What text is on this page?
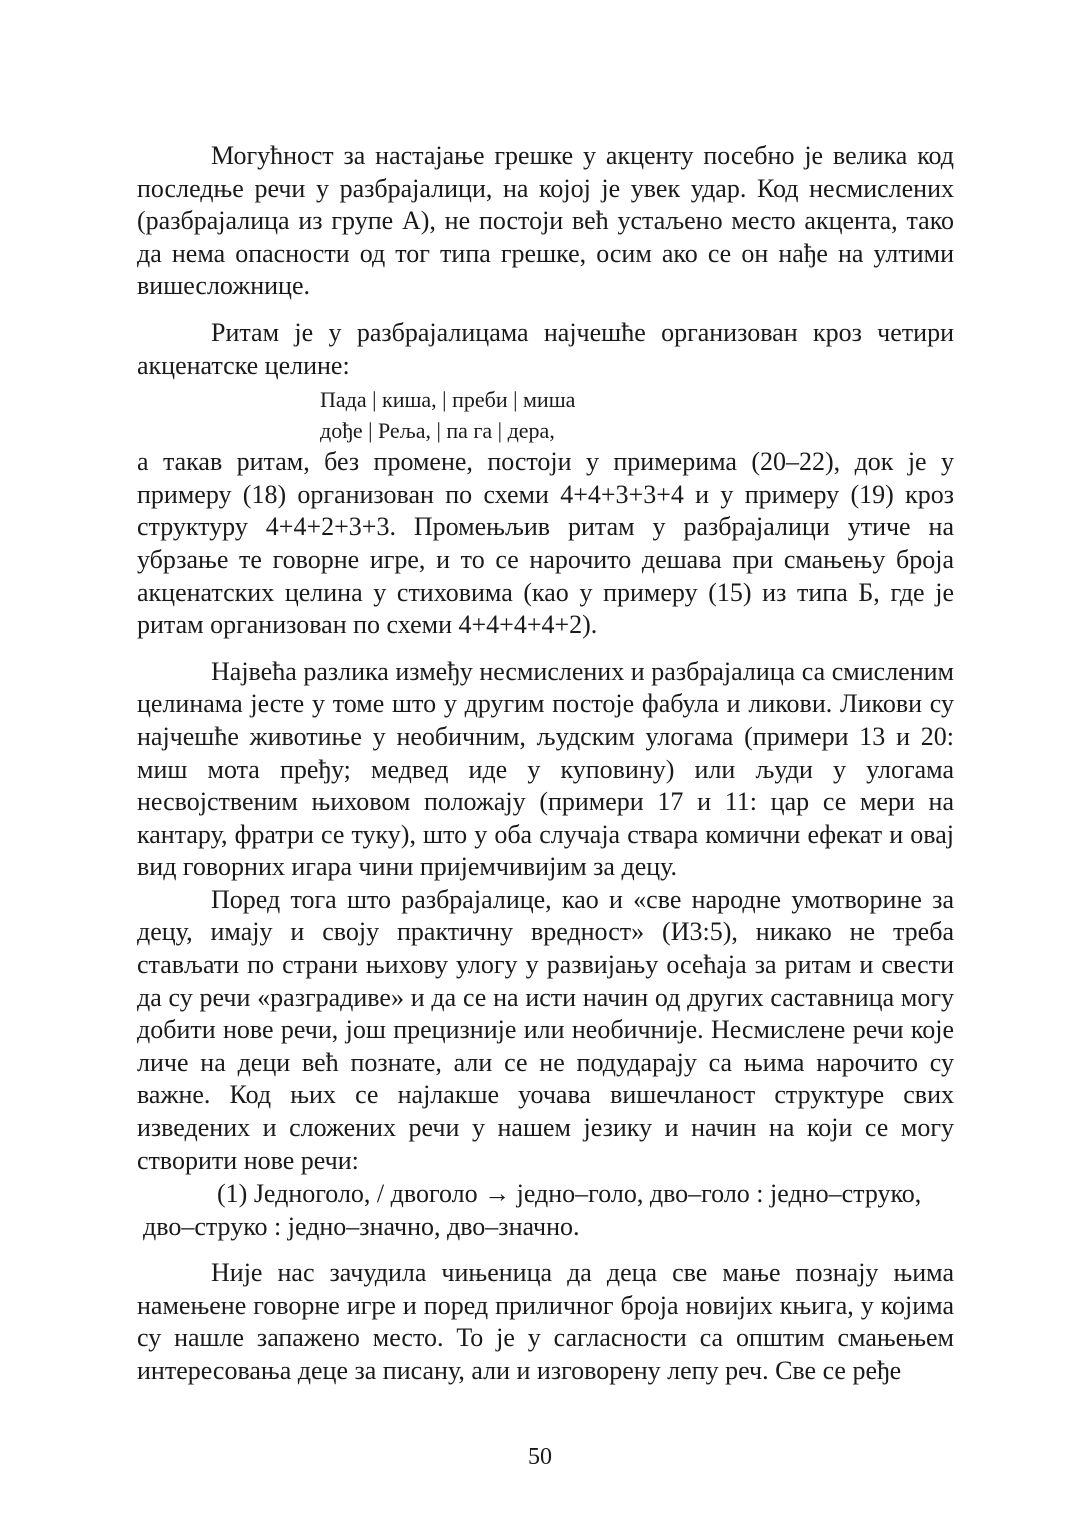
Могућност за настајање грешке у акценту посебно је велика код последње речи у разбрајалици, на којој је увек удар. Код несмислених (разбрајалица из групе А), не постоји већ устаљено место акцента, тако да нема опасности од тог типа грешке, осим ако се он нађе на ултими вишесложнице.

Ритам је у разбрајалицама најчешће организован кроз четири акценатске целине:

Пада | киша, | преби | миша
дође | Реља, | па га | дера,

а такав ритам, без промене, постоји у примерима (20–22), док је у примеру (18) организован по схеми 4+4+3+3+4 и у примеру (19) кроз структуру 4+4+2+3+3. Промењљив ритам у разбрајалици утиче на убрзање те говорне игре, и то се нарочито дешава при смањењу броја акценатских целина у стиховима (као у примеру (15) из типа Б, где је ритам организован по схеми 4+4+4+4+2).

Највећа разлика између несмислених и разбрајалица са смисленим целинама јесте у томе што у другим постоје фабула и ликови. Ликови су најчешће животиње у необичним, људским улогама (примери 13 и 20: миш мота пређу; медвед иде у куповину) или људи у улогама несвојственим њиховом положају (примери 17 и 11: цар се мери на кантару, фратри се туку), што у оба случаја ствара комични ефекат и овај вид говорних игара чини пријемчивијим за децу.

Поред тога што разбрајалице, као и «све народне умотворине за децу, имају и своју практичну вредност» (И3:5), никако не треба стављати по страни њихову улогу у развијању осећаја за ритам и свести да су речи «разградиве» и да се на исти начин од других саставница могу добити нове речи, још прецизније или необичније. Несмислене речи које личе на деци већ познате, али се не подударају са њима нарочито су важне. Код њих се најлакше уочава вишечланост структуре свих изведених и сложених речи у нашем језику и начин на који се могу створити нове речи:

(1) Једноголо, / двоголо → једно–голо, дво–голо : једно–струко,
дво–струко : једно–значно, дво–значно.

Није нас зачудила чињеница да деца све мање познају њима намењене говорне игре и поред приличног броја новијих књига, у којима су нашле запажено место. То је у сагласности са општим смањењем интересовања деце за писану, али и изговорену лепу реч. Све се ређе

50
